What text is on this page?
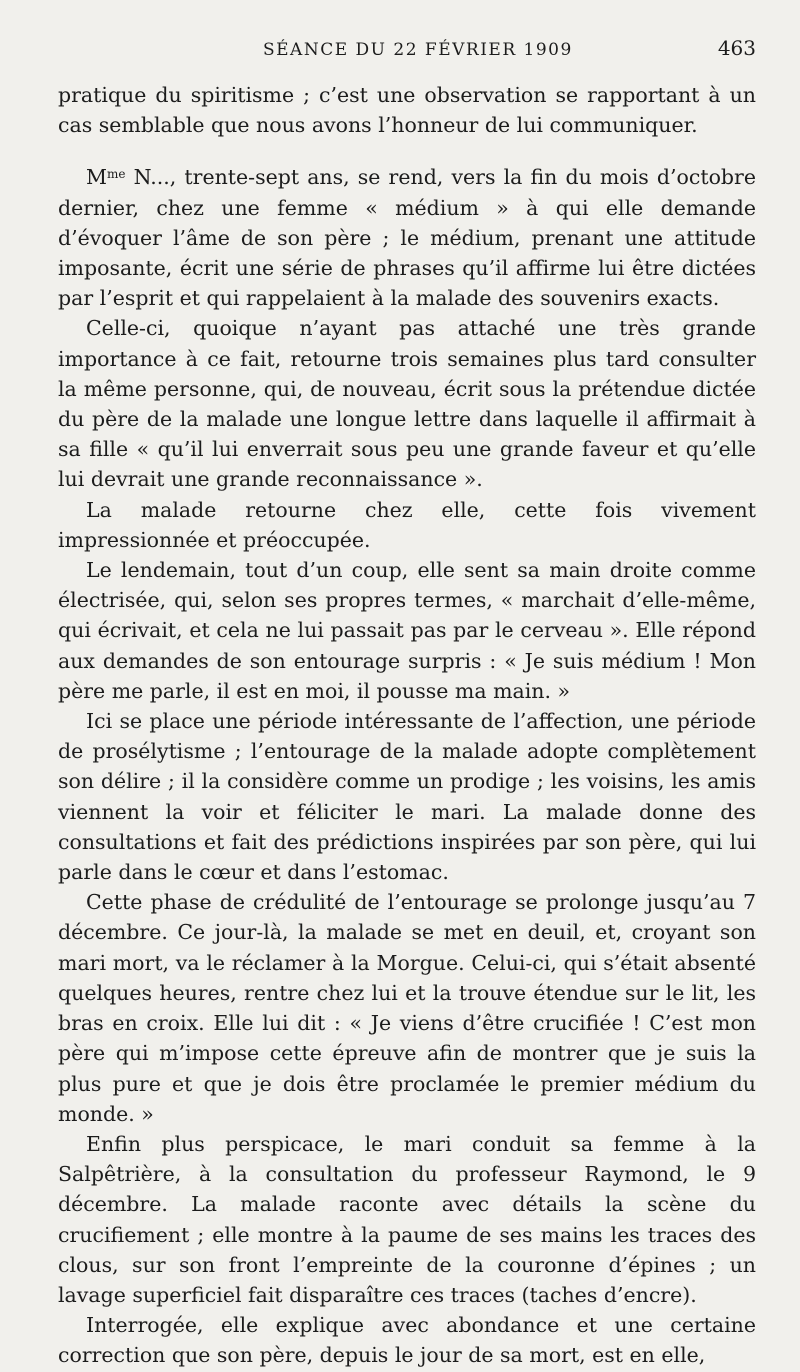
SÉANCE DU 22 FÉVRIER 1909	463

pratique du spiritisme ; c’est une observation se rapportant à un cas semblable que nous avons l’honneur de lui communiquer.

$M^{me}$ N..., trente-sept ans, se rend, vers la fin du mois d’octobre dernier, chez une femme « médium » à qui elle demande d’évoquer l’âme de son père ; le médium, prenant une attitude imposante, écrit une série de phrases qu’il affirme lui être dictées par l’esprit et qui rappelaient à la malade des souvenirs exacts.

Celle-ci, quoique n’ayant pas attaché une très grande importance à ce fait, retourne trois semaines plus tard consulter la même personne, qui, de nouveau, écrit sous la prétendue dictée du père de la malade une longue lettre dans laquelle il affirmait à sa fille « qu’il lui enverrait sous peu une grande faveur et qu’elle lui devrait une grande reconnaissance ».

La malade retourne chez elle, cette fois vivement impressionnée et préoccupée.

Le lendemain, tout d’un coup, elle sent sa main droite comme électrisée, qui, selon ses propres termes, « marchait d’elle-même, qui écrivait, et cela ne lui passait pas par le cerveau ». Elle répond aux demandes de son entourage surpris : « Je suis médium ! Mon père me parle, il est en moi, il pousse ma main. »

Ici se place une période intéressante de l’affection, une période de prosélytisme ; l’entourage de la malade adopte complètement son délire ; il la considère comme un prodige ; les voisins, les amis viennent la voir et féliciter le mari. La malade donne des consultations et fait des prédictions inspirées par son père, qui lui parle dans le cœur et dans l’estomac.

Cette phase de crédulité de l’entourage se prolonge jusqu’au 7 décembre. Ce jour-là, la malade se met en deuil, et, croyant son mari mort, va le réclamer à la Morgue. Celui-ci, qui s’était absenté quelques heures, rentre chez lui et la trouve étendue sur le lit, les bras en croix. Elle lui dit : « Je viens d’être crucifiée ! C’est mon père qui m’impose cette épreuve afin de montrer que je suis la plus pure et que je dois être proclamée le premier médium du monde. »

Enfin plus perspicace, le mari conduit sa femme à la Salpêtrière, à la consultation du professeur Raymond, le 9 décembre. La malade raconte avec détails la scène du crucifiement ; elle montre à la paume de ses mains les traces des clous, sur son front l’empreinte de la couronne d’épines ; un lavage superficiel fait disparaître ces traces (taches d’encre).

Interrogée, elle explique avec abondance et une certaine correction que son père, depuis le jour de sa mort, est en elle,
